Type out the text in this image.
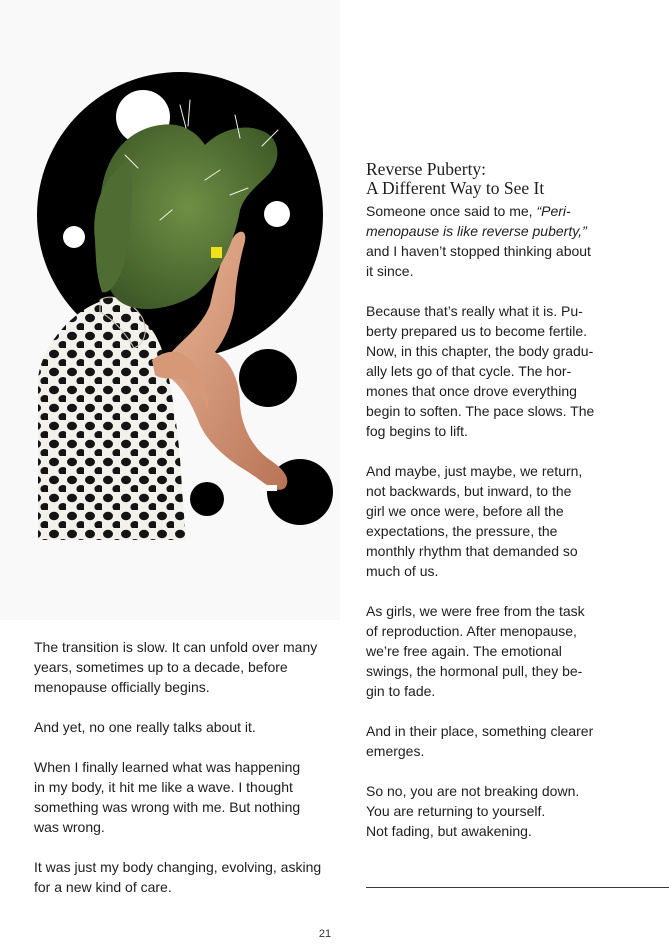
Reverse Puberty:
A Different Way to See It

Someone once said to me, “Peri-
menopause is like reverse puberty,”
and I haven’t stopped thinking about
it since.

Because that’s really what it is. Pu-
berty prepared us to become fertile.
Now, in this chapter, the body gradu-
ally lets go of that cycle. The hor-
mones that once drove everything
begin to soften. The pace slows. The
fog begins to lift.

And maybe, just maybe, we return,
not backwards, but inward, to the
girl we once were, before all the
expectations, the pressure, the
monthly rhythm that demanded so
much of us.

As girls, we were free from the task
of reproduction. After menopause,
we’re free again. The emotional
swings, the hormonal pull, they be-
gin to fade.

And in their place, something clearer
emerges.

So no, you are not breaking down.
You are returning to yourself.
Not fading, but awakening.

The transition is slow. It can unfold over many
years, sometimes up to a decade, before
menopause officially begins.

And yet, no one really talks about it.

When I finally learned what was happening
in my body, it hit me like a wave. I thought
something was wrong with me. But nothing
was wrong.

It was just my body changing, evolving, asking
for a new kind of care.

21
